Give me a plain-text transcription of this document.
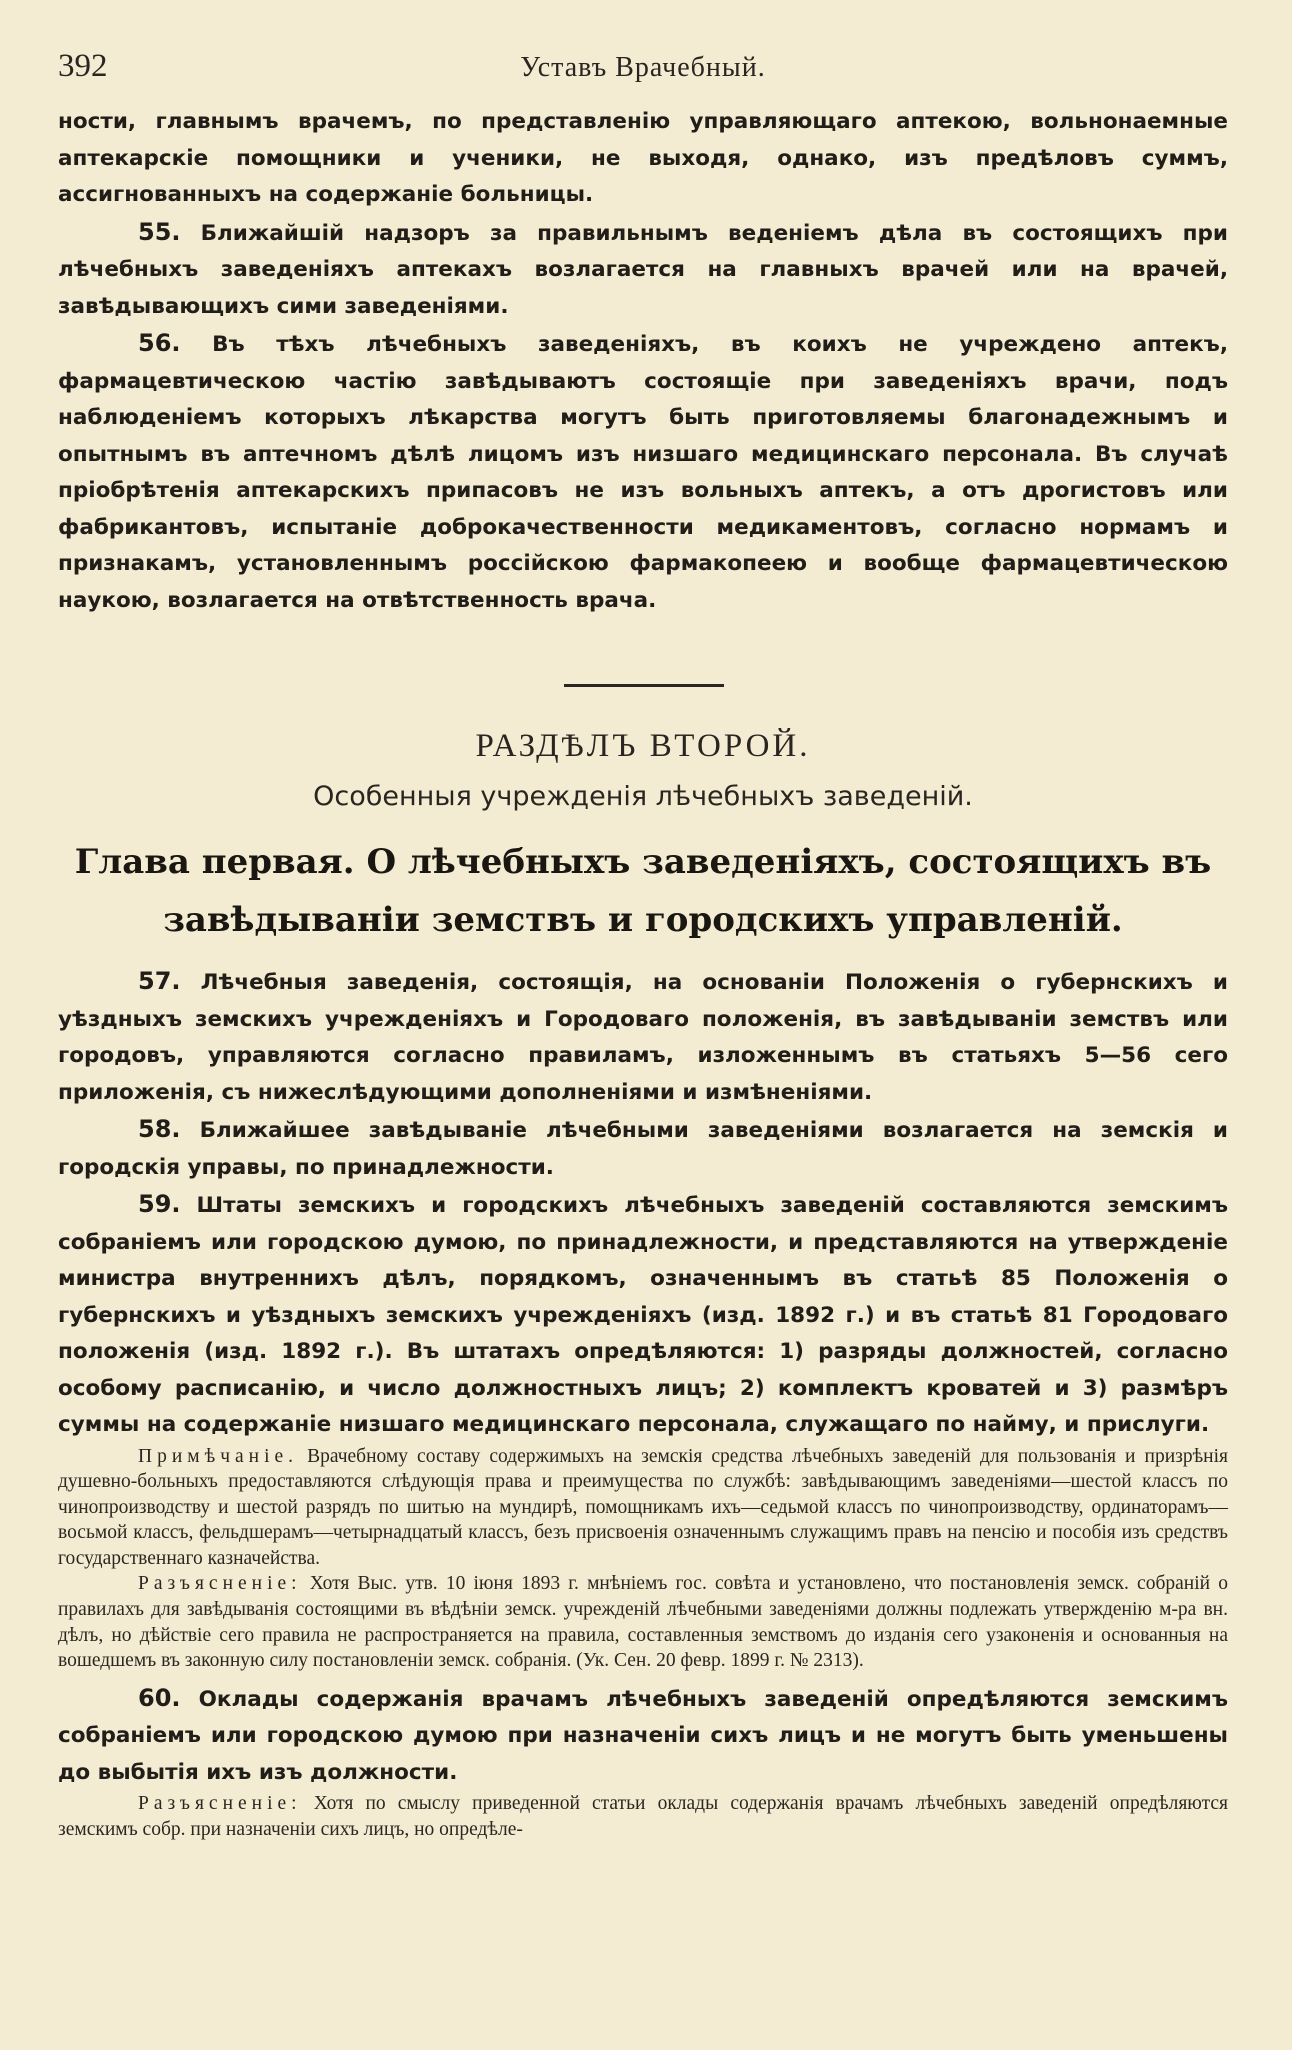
392	Уставъ Врачебный.

ности, главнымъ врачемъ, по представленію управляющаго аптекою, вольнонаемные аптекарскіе помощники и ученики, не выходя, однако, изъ предѣловъ суммъ, ассигнованныхъ на содержаніе больницы.

55. Ближайшій надзоръ за правильнымъ веденіемъ дѣла въ состоящихъ при лѣчебныхъ заведеніяхъ аптекахъ возлагается на главныхъ врачей или на врачей, завѣдывающихъ сими заведеніями.

56. Въ тѣхъ лѣчебныхъ заведеніяхъ, въ коихъ не учреждено аптекъ, фармацевтическою частію завѣдываютъ состоящіе при заведеніяхъ врачи, подъ наблюденіемъ которыхъ лѣкарства могутъ быть приготовляемы благонадежнымъ и опытнымъ въ аптечномъ дѣлѣ лицомъ изъ низшаго медицинскаго персонала. Въ случаѣ пріобрѣтенія аптекарскихъ припасовъ не изъ вольныхъ аптекъ, а отъ дрогистовъ или фабрикантовъ, испытаніе доброкачественности медикаментовъ, согласно нормамъ и признакамъ, установленнымъ россійскою фармакопеею и вообще фармацевтическою наукою, возлагается на отвѣтственность врача.

РАЗДѢЛЪ ВТОРОЙ.
Особенныя учрежденія лѣчебныхъ заведеній.
Глава первая. О лѣчебныхъ заведеніяхъ, состоящихъ въ завѣдываніи земствъ и городскихъ управленій.

57. Лѣчебныя заведенія, состоящія, на основаніи Положенія о губернскихъ и уѣздныхъ земскихъ учрежденіяхъ и Городоваго положенія, въ завѣдываніи земствъ или городовъ, управляются согласно правиламъ, изложеннымъ въ статьяхъ 5—56 сего приложенія, съ нижеслѣдующими дополненіями и измѣненіями.

58. Ближайшее завѣдываніе лѣчебными заведеніями возлагается на земскія и городскія управы, по принадлежности.

59. Штаты земскихъ и городскихъ лѣчебныхъ заведеній составляются земскимъ собраніемъ или городскою думою, по принадлежности, и представляются на утвержденіе министра внутреннихъ дѣлъ, порядкомъ, означеннымъ въ статьѣ 85 Положенія о губернскихъ и уѣздныхъ земскихъ учрежденіяхъ (изд. 1892 г.) и въ статьѣ 81 Городоваго положенія (изд. 1892 г.). Въ штатахъ опредѣляются: 1) разряды должностей, согласно особому расписанію, и число должностныхъ лицъ; 2) комплектъ кроватей и 3) размѣръ суммы на содержаніе низшаго медицинскаго персонала, служащаго по найму, и прислуги.

Примѣчаніе. Врачебному составу содержимыхъ на земскія средства лѣчебныхъ заведеній для пользованія и призрѣнія душевно-больныхъ предоставляются слѣдующія права и преимущества по службѣ: завѣдывающимъ заведеніями—шестой классъ по чинопроизводству и шестой разрядъ по шитью на мундирѣ, помощникамъ ихъ—седьмой классъ по чинопроизводству, ординаторамъ—восьмой классъ, фельдшерамъ—четырнадцатый классъ, безъ присвоенія означеннымъ служащимъ правъ на пенсію и пособія изъ средствъ государственнаго казначейства.

Разъясненіе: Хотя Выс. утв. 10 іюня 1893 г. мнѣніемъ гос. совѣта и установлено, что постановленія земск. собраній о правилахъ для завѣдыванія состоящими въ вѣдѣніи земск. учрежденій лѣчебными заведеніями должны подлежать утвержденію м-ра вн. дѣлъ, но дѣйствіе сего правила не распространяется на правила, составленныя земствомъ до изданія сего узаконенія и основанныя на вошедшемъ въ законную силу постановленіи земск. собранія. (Ук. Сен. 20 февр. 1899 г. № 2313).

60. Оклады содержанія врачамъ лѣчебныхъ заведеній опредѣляются земскимъ собраніемъ или городскою думою при назначеніи сихъ лицъ и не могутъ быть уменьшены до выбытія ихъ изъ должности.

Разъясненіе: Хотя по смыслу приведенной статьи оклады содержанія врачамъ лѣчебныхъ заведеній опредѣляются земскимъ собр. при назначеніи сихъ лицъ, но опредѣле-
